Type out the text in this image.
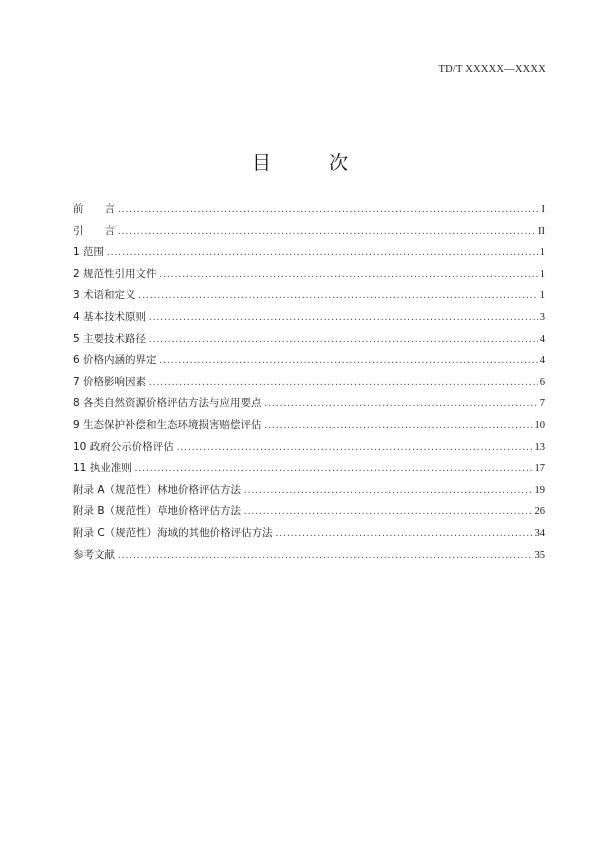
TD/T XXXXX—XXXX
目 次
前 言 .....	I
引 言 .....	II
1 范围 .....	1
2 规范性引用文件 .....	1
3 术语和定义 .....	1
4 基本技术原则 .....	3
5 主要技术路径 .....	4
6 价格内涵的界定 .....	4
7 价格影响因素 .....	6
8 各类自然资源价格评估方法与应用要点 .....	7
9 生态保护补偿和生态环境损害赔偿评估 .....	10
10 政府公示价格评估 .....	13
11 执业准则 .....	17
附录 A（规范性）林地价格评估方法 .....	19
附录 B（规范性）草地价格评估方法 .....	26
附录 C（规范性）海域的其他价格评估方法 .....	34
参考文献 .....	35
